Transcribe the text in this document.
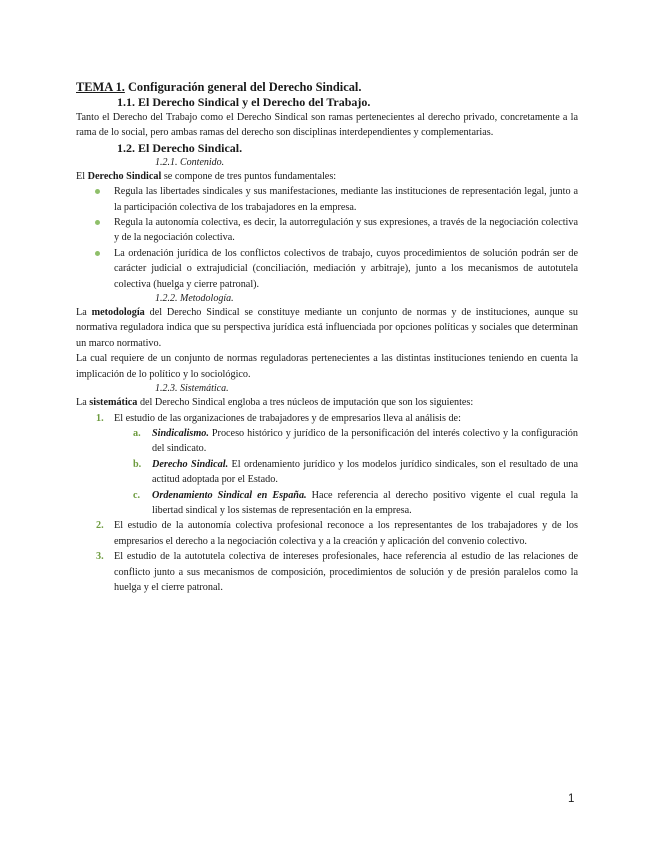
TEMA 1. Configuración general del Derecho Sindical.
1.1. El Derecho Sindical y el Derecho del Trabajo.

Tanto el Derecho del Trabajo como el Derecho Sindical son ramas pertenecientes al derecho privado, concretamente a la rama de lo social, pero ambas ramas del derecho son disciplinas interdependientes y complementarias.

1.2. El Derecho Sindical.
1.2.1. Contenido.

El Derecho Sindical se compone de tres puntos fundamentales:

Regula las libertades sindicales y sus manifestaciones, mediante las instituciones de representación legal, junto a la participación colectiva de los trabajadores en la empresa.
Regula la autonomía colectiva, es decir, la autorregulación y sus expresiones, a través de la negociación colectiva y de la negociación colectiva.
La ordenación jurídica de los conflictos colectivos de trabajo, cuyos procedimientos de solución podrán ser de carácter judicial o extrajudicial (conciliación, mediación y arbitraje), junto a los mecanismos de autotutela colectiva (huelga y cierre patronal).
1.2.2. Metodología.

La metodología del Derecho Sindical se constituye mediante un conjunto de normas y de instituciones, aunque su normativa reguladora indica que su perspectiva jurídica está influenciada por opciones políticas y sociales que determinan un marco normativo.

La cual requiere de un conjunto de normas reguladoras pertenecientes a las distintas instituciones teniendo en cuenta la implicación de lo político y lo sociológico.

1.2.3. Sistemática.

La sistemática del Derecho Sindical engloba a tres núcleos de imputación que son los siguientes:

1. El estudio de las organizaciones de trabajadores y de empresarios lleva al análisis de:
a. Sindicalismo. Proceso histórico y jurídico de la personificación del interés colectivo y la configuración del sindicato.
b. Derecho Sindical. El ordenamiento jurídico y los modelos jurídico sindicales, son el resultado de una actitud adoptada por el Estado.
c. Ordenamiento Sindical en España. Hace referencia al derecho positivo vigente el cual regula la libertad sindical y los sistemas de representación en la empresa.
2. El estudio de la autonomía colectiva profesional reconoce a los representantes de los trabajadores y de los empresarios el derecho a la negociación colectiva y a la creación y aplicación del convenio colectivo.
3. El estudio de la autotutela colectiva de intereses profesionales, hace referencia al estudio de las relaciones de conflicto junto a sus mecanismos de composición, procedimientos de solución y de presión paralelos como la huelga y el cierre patronal.
1
